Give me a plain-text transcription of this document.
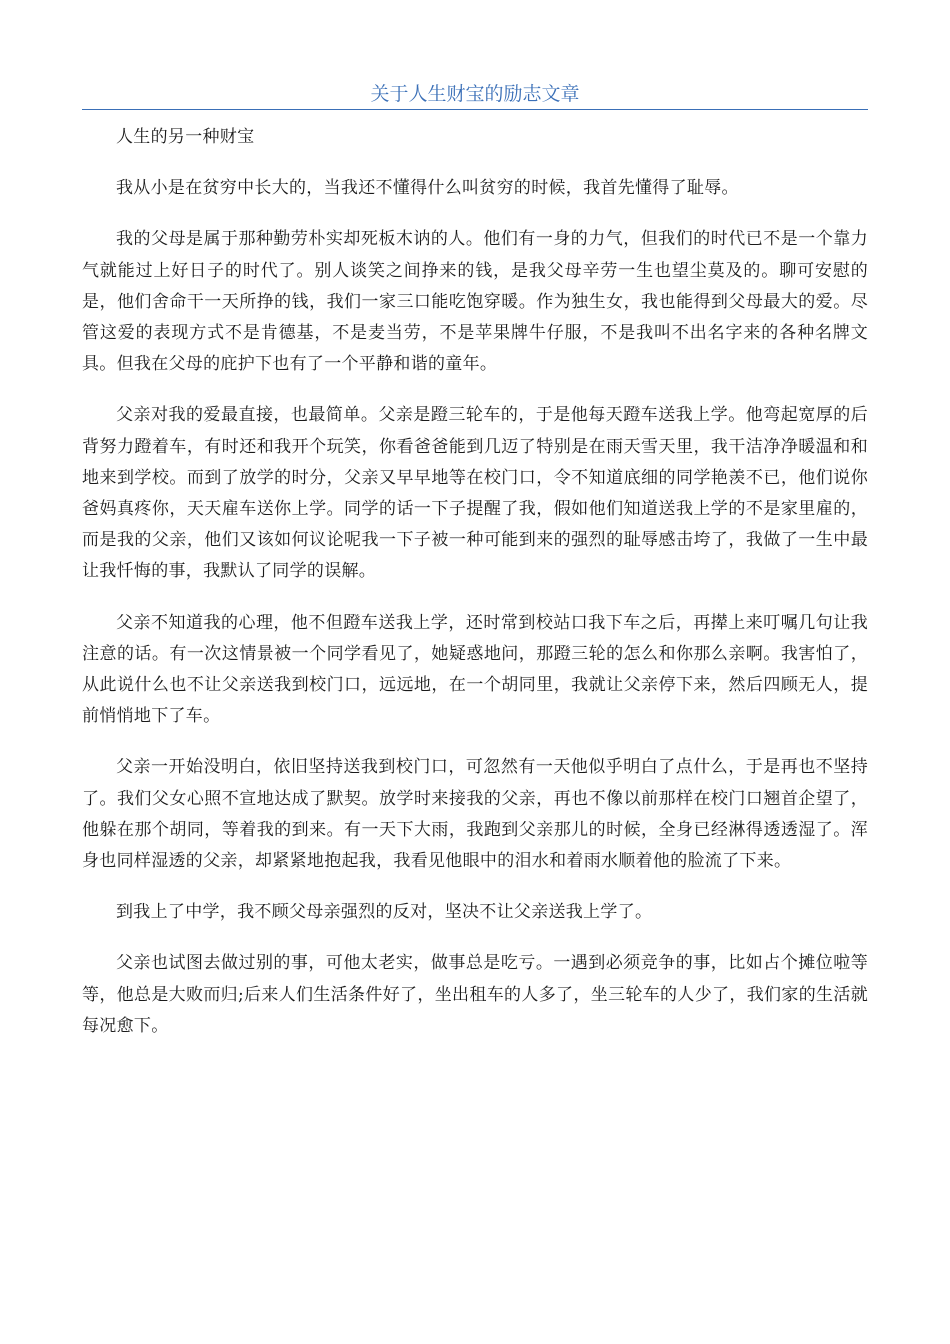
关于人生财宝的励志文章

人生的另一种财宝

我从小是在贫穷中长大的，当我还不懂得什么叫贫穷的时候，我首先懂得了耻辱。

我的父母是属于那种勤劳朴实却死板木讷的人。他们有一身的力气，但我们的时代已不是一个靠力气就能过上好日子的时代了。别人谈笑之间挣来的钱，是我父母辛劳一生也望尘莫及的。聊可安慰的是，他们舍命干一天所挣的钱，我们一家三口能吃饱穿暖。作为独生女，我也能得到父母最大的爱。尽管这爱的表现方式不是肯德基，不是麦当劳，不是苹果牌牛仔服，不是我叫不出名字来的各种名牌文具。但我在父母的庇护下也有了一个平静和谐的童年。

父亲对我的爱最直接，也最简单。父亲是蹬三轮车的，于是他每天蹬车送我上学。他弯起宽厚的后背努力蹬着车，有时还和我开个玩笑，你看爸爸能到几迈了特别是在雨天雪天里，我干洁净净暖温和和地来到学校。而到了放学的时分，父亲又早早地等在校门口，令不知道底细的同学艳羡不已，他们说你爸妈真疼你，天天雇车送你上学。同学的话一下子提醒了我，假如他们知道送我上学的不是家里雇的，而是我的父亲，他们又该如何议论呢我一下子被一种可能到来的强烈的耻辱感击垮了，我做了一生中最让我忏悔的事，我默认了同学的误解。

父亲不知道我的心理，他不但蹬车送我上学，还时常到校站口我下车之后，再撵上来叮嘱几句让我注意的话。有一次这情景被一个同学看见了，她疑惑地问，那蹬三轮的怎么和你那么亲啊。我害怕了，从此说什么也不让父亲送我到校门口，远远地，在一个胡同里，我就让父亲停下来，然后四顾无人，提前悄悄地下了车。

父亲一开始没明白，依旧坚持送我到校门口，可忽然有一天他似乎明白了点什么，于是再也不坚持了。我们父女心照不宣地达成了默契。放学时来接我的父亲，再也不像以前那样在校门口翘首企望了，他躲在那个胡同，等着我的到来。有一天下大雨，我跑到父亲那儿的时候，全身已经淋得透透湿了。浑身也同样湿透的父亲，却紧紧地抱起我，我看见他眼中的泪水和着雨水顺着他的脸流了下来。

到我上了中学，我不顾父母亲强烈的反对，坚决不让父亲送我上学了。

父亲也试图去做过别的事，可他太老实，做事总是吃亏。一遇到必须竞争的事，比如占个摊位啦等等，他总是大败而归;后来人们生活条件好了，坐出租车的人多了，坐三轮车的人少了，我们家的生活就每况愈下。
